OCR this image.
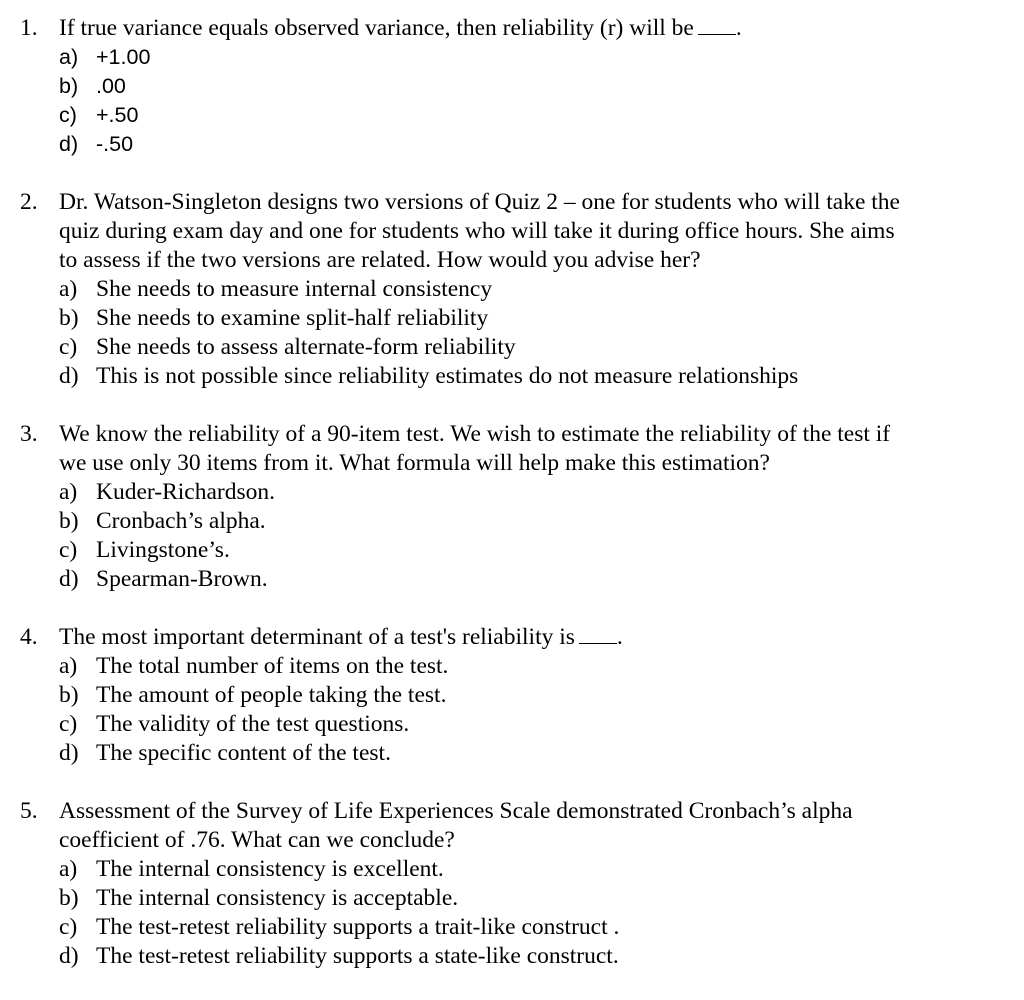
1. If true variance equals observed variance, then reliability (r) will be .
a) +1.00
b) .00
c) +.50
d) -.50
2. Dr. Watson-Singleton designs two versions of Quiz 2 – one for students who will take the
quiz during exam day and one for students who will take it during office hours. She aims
to assess if the two versions are related. How would you advise her?
a) She needs to measure internal consistency
b) She needs to examine split-half reliability
c) She needs to assess alternate-form reliability
d) This is not possible since reliability estimates do not measure relationships
3. We know the reliability of a 90-item test. We wish to estimate the reliability of the test if
we use only 30 items from it. What formula will help make this estimation?
a) Kuder-Richardson.
b) Cronbach’s alpha.
c) Livingstone’s.
d) Spearman-Brown.
4. The most important determinant of a test's reliability is .
a) The total number of items on the test.
b) The amount of people taking the test.
c) The validity of the test questions.
d) The specific content of the test.
5. Assessment of the Survey of Life Experiences Scale demonstrated Cronbach’s alpha
coefficient of .76. What can we conclude?
a) The internal consistency is excellent.
b) The internal consistency is acceptable.
c) The test-retest reliability supports a trait-like construct .
d) The test-retest reliability supports a state-like construct.
